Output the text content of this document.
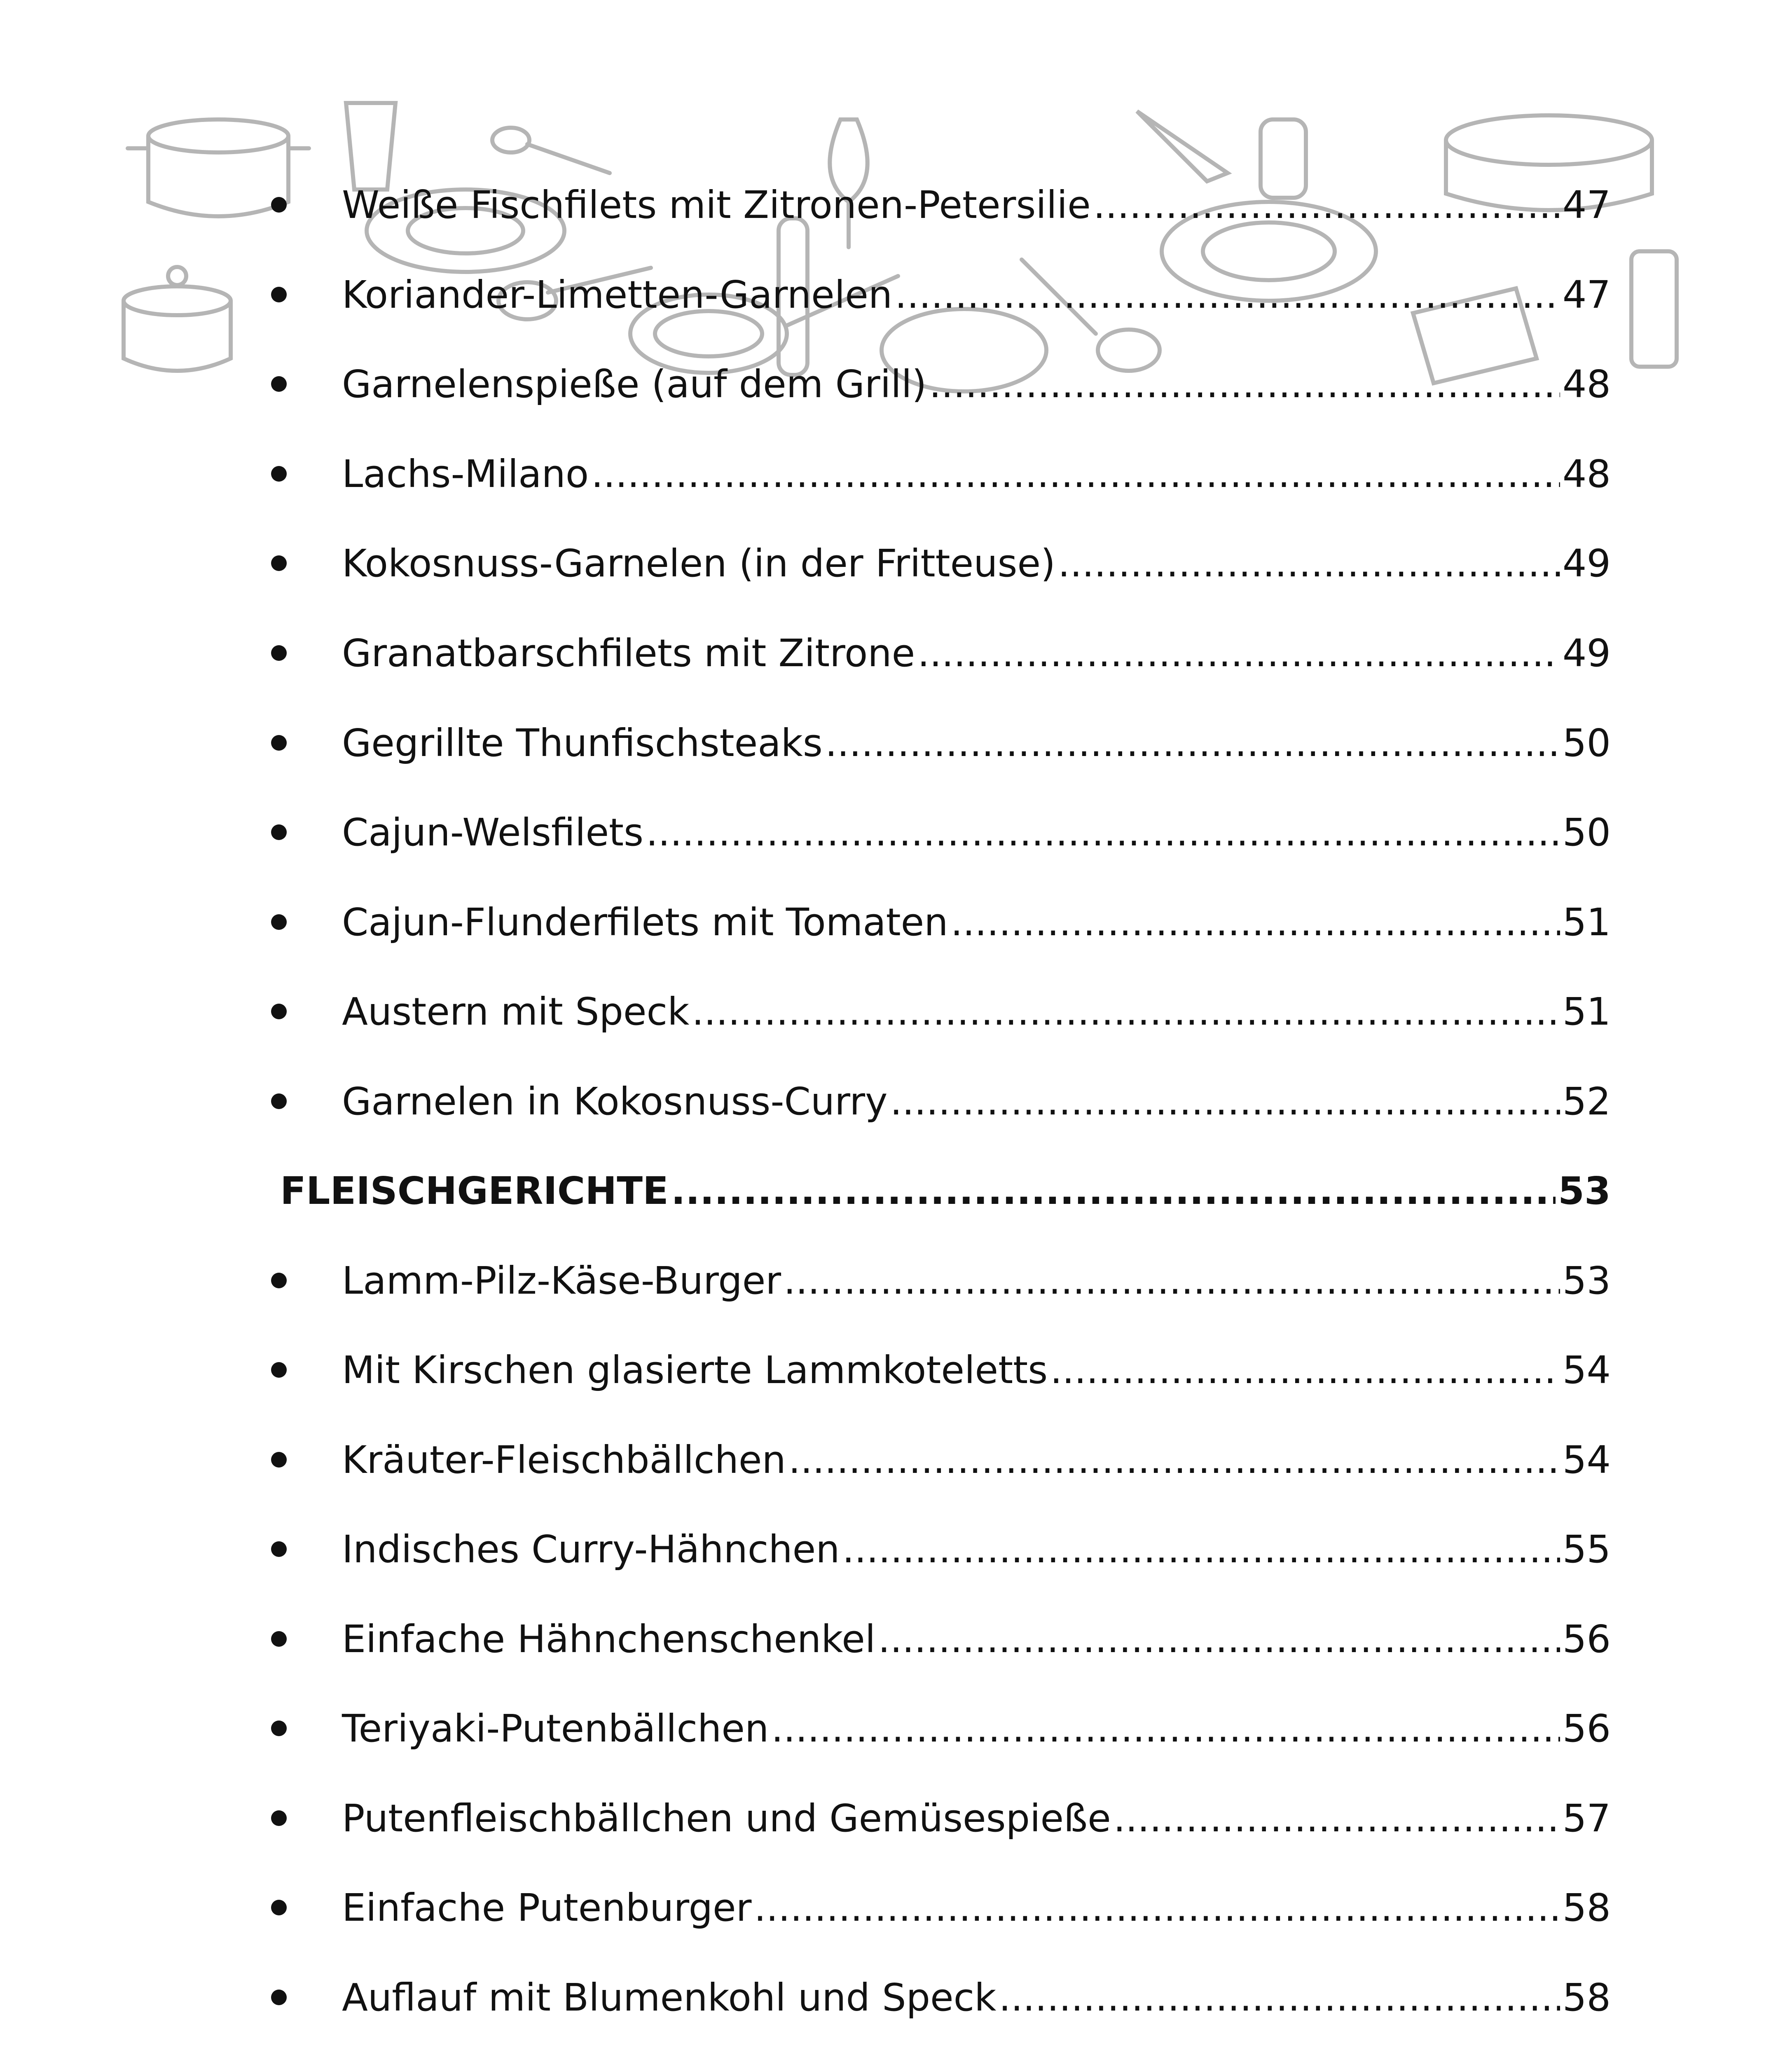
Weiße Fischfilets mit Zitronen-Petersilie .....	47
Koriander-Limetten-Garnelen .....	47
Garnelenspieße (auf dem Grill) .....	48
Lachs-Milano .....	48
Kokosnuss-Garnelen (in der Fritteuse) .....	49
Granatbarschfilets mit Zitrone .....	49
Gegrillte Thunfischsteaks .....	50
Cajun-Welsfilets .....	50
Cajun-Flunderfilets mit Tomaten .....	51
Austern mit Speck .....	51
Garnelen in Kokosnuss-Curry .....	52
FLEISCHGERICHTE .....	53
Lamm-Pilz-Käse-Burger .....	53
Mit Kirschen glasierte Lammkoteletts .....	54
Kräuter-Fleischbällchen .....	54
Indisches Curry-Hähnchen .....	55
Einfache Hähnchenschenkel .....	56
Teriyaki-Putenbällchen .....	56
Putenfleischbällchen und Gemüsespieße .....	57
Einfache Putenburger .....	58
Auflauf mit Blumenkohl und Speck .....	58
